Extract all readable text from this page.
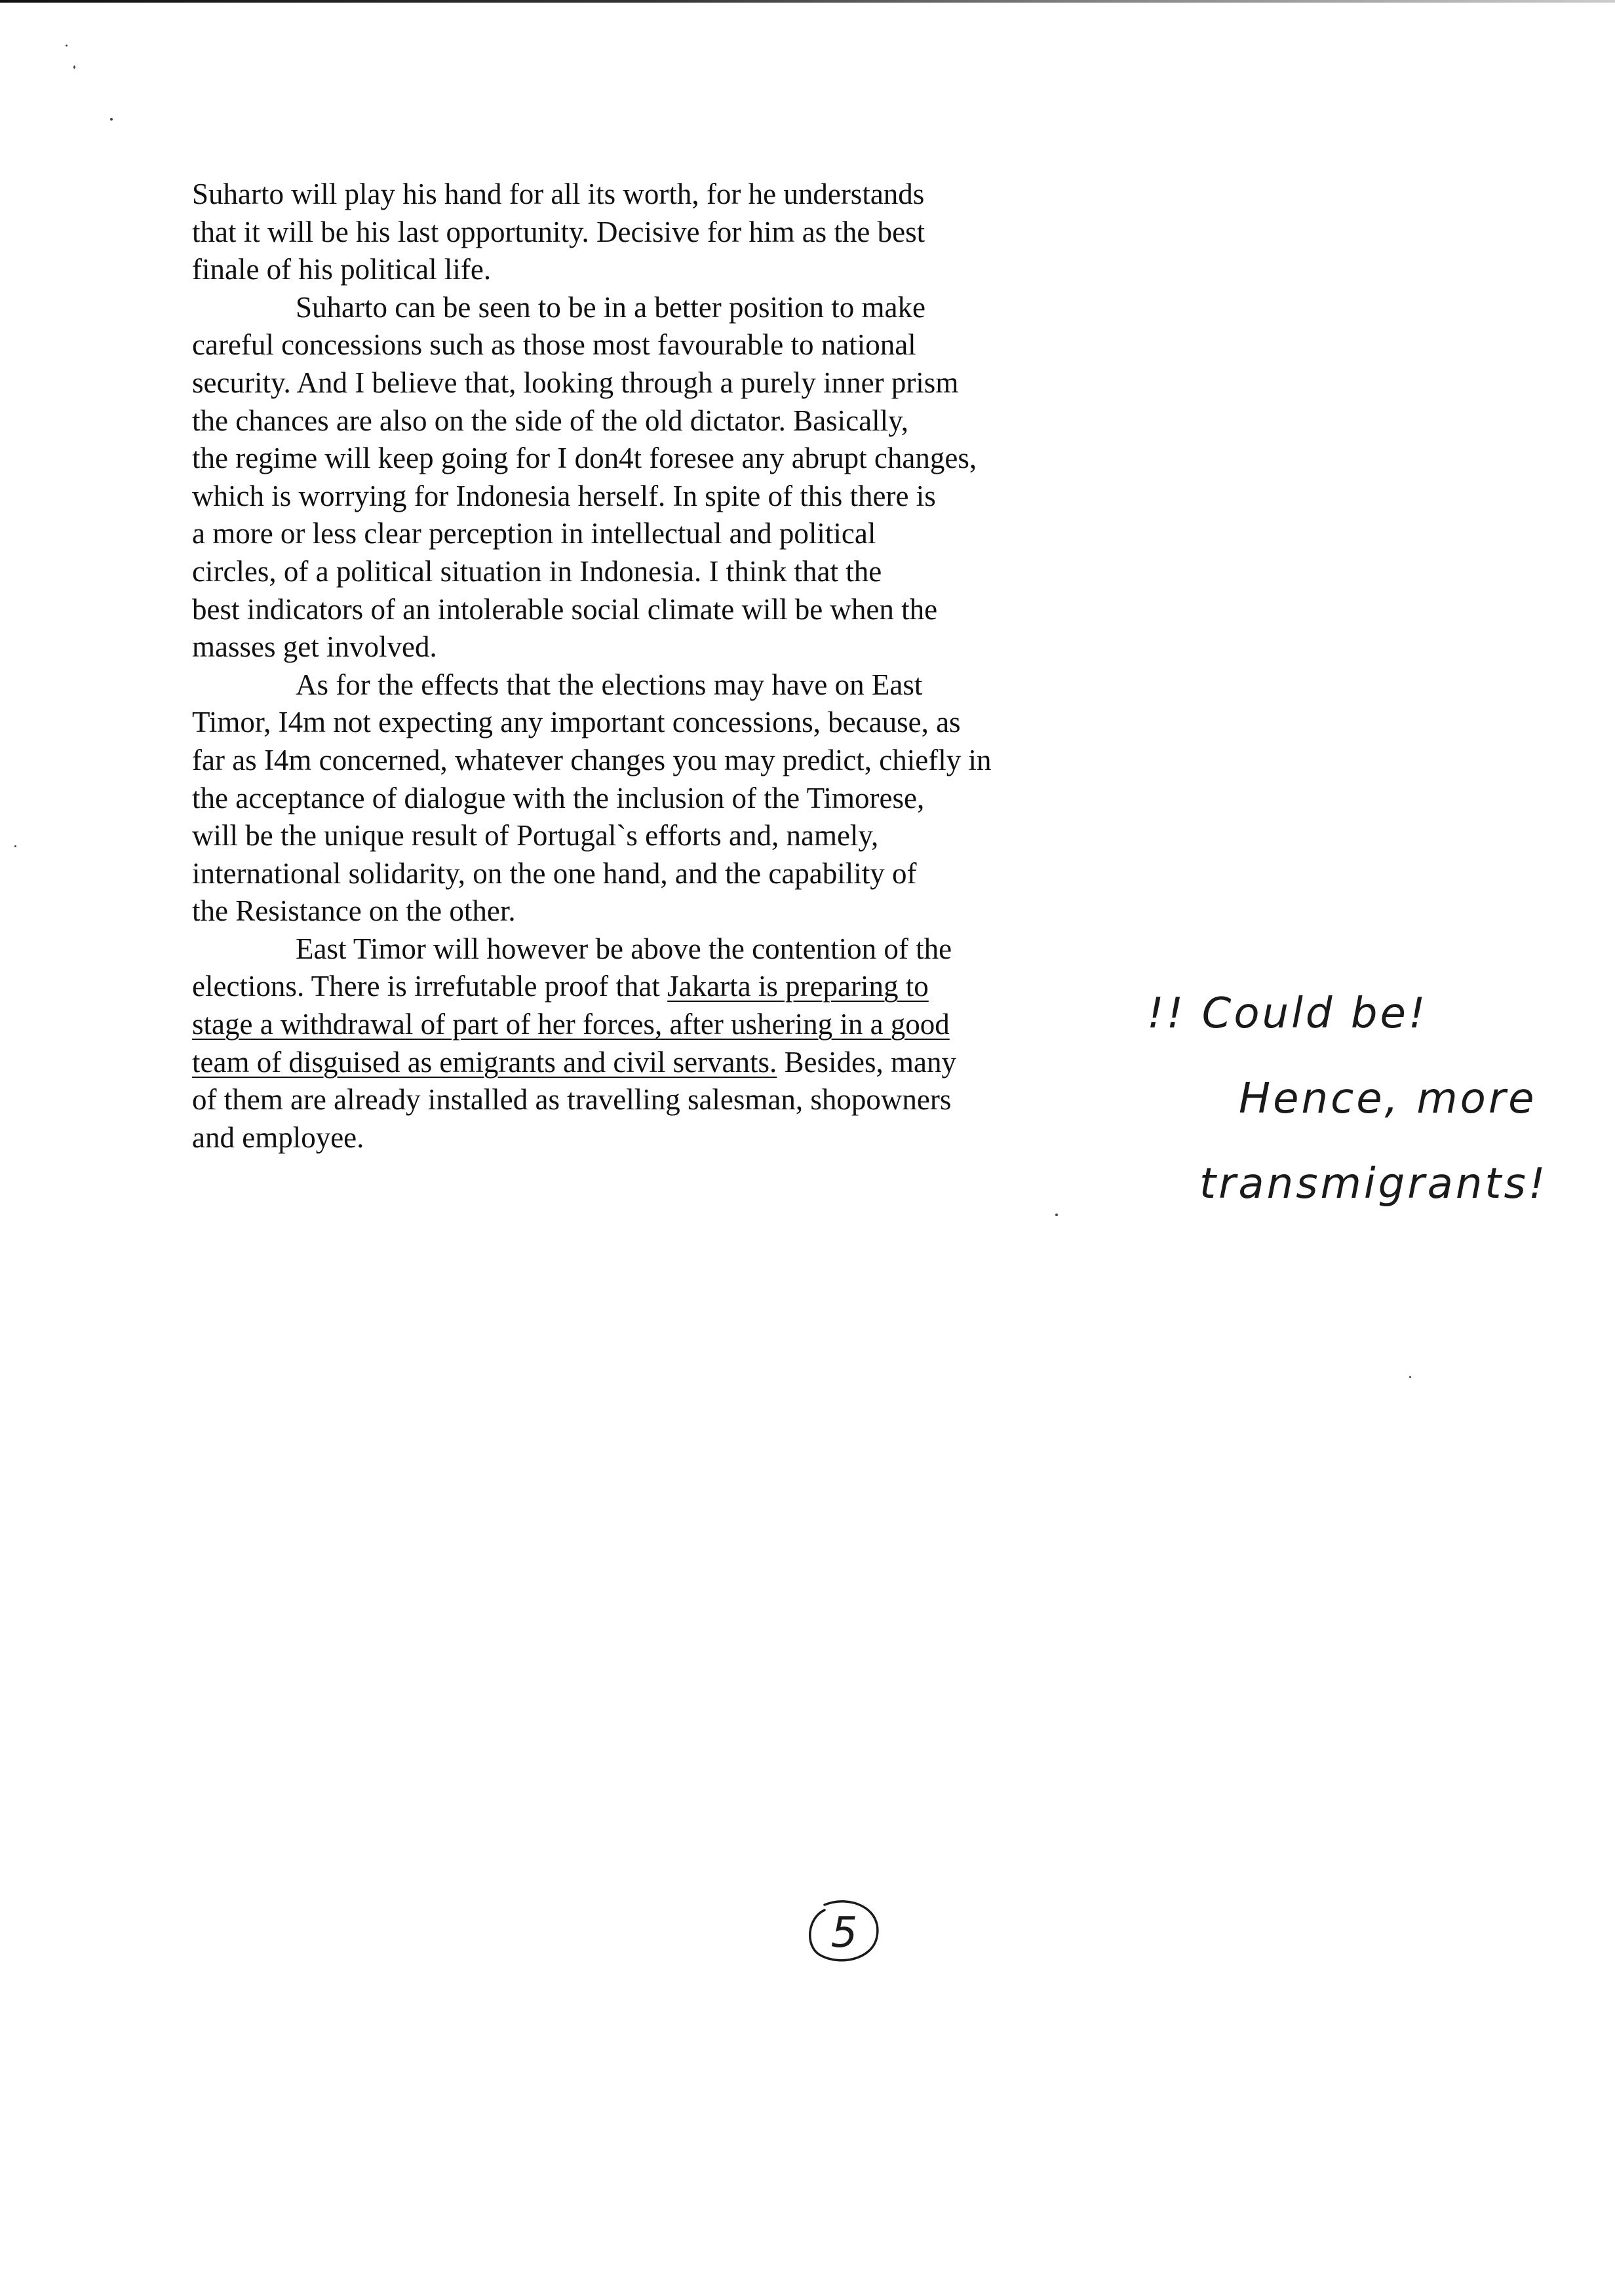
Suharto will play his hand for all its worth, for he understands
that it will be his last opportunity. Decisive for him as the best
finale of his political life.
Suharto can be seen to be in a better position to make
careful concessions such as those most favourable to national
security. And I believe that, looking through a purely inner prism
the chances are also on the side of the old dictator. Basically,
the regime will keep going for I don4t foresee any abrupt changes,
which is worrying for Indonesia herself. In spite of this there is
a more or less clear perception in intellectual and political
circles, of a political situation in Indonesia. I think that the
best indicators of an intolerable social climate will be when the
masses get involved.
As for the effects that the elections may have on East
Timor, I4m not expecting any important concessions, because, as
far as I4m concerned, whatever changes you may predict, chiefly in
the acceptance of dialogue with the inclusion of the Timorese,
will be the unique result of Portugal`s efforts and, namely,
international solidarity, on the one hand, and the capability of
the Resistance on the other.
East Timor will however be above the contention of the
elections. There is irrefutable proof that Jakarta is preparing to
stage a withdrawal of part of her forces, after ushering in a good
team of disguised as emigrants and civil servants. Besides, many
of them are already installed as travelling salesman, shopowners
and employee.
!! Could be!
Hence, more
transmigrants!
5
